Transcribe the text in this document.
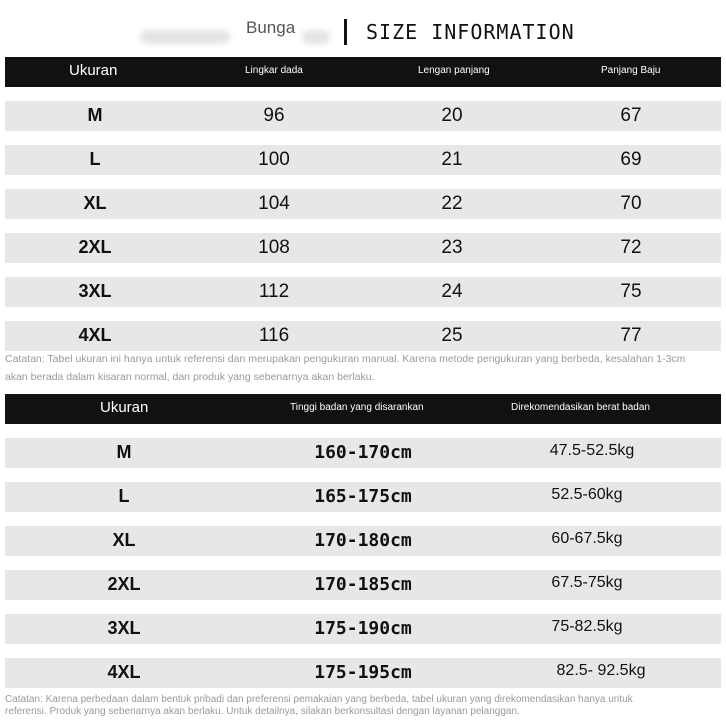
Bunga	SIZE INFORMATION
Ukuran	Lingkar dada	Lengan panjang	Panjang Baju
M	96	20	67
L	100	21	69
XL	104	22	70
2XL	108	23	72
3XL	112	24	75
4XL	116	25	77
Catatan: Tabel ukuran ini hanya untuk referensi dan merupakan pengukuran manual. Karena metode pengukuran yang berbeda, kesalahan 1-3cm
akan berada dalam kisaran normal, dan produk yang sebenarnya akan berlaku.
Ukuran	Tinggi badan yang disarankan	Direkomendasikan berat badan
M	160-170cm	47.5-52.5kg
L	165-175cm	52.5-60kg
XL	170-180cm	60-67.5kg
2XL	170-185cm	67.5-75kg
3XL	175-190cm	75-82.5kg
4XL	175-195cm	82.5- 92.5kg
Catatan: Karena perbedaan dalam bentuk pribadi dan preferensi pemakaian yang berbeda, tabel ukuran yang direkomendasikan hanya untuk
referensi. Produk yang sebenarnya akan berlaku. Untuk detailnya, silakan berkonsultasi dengan layanan pelanggan.
